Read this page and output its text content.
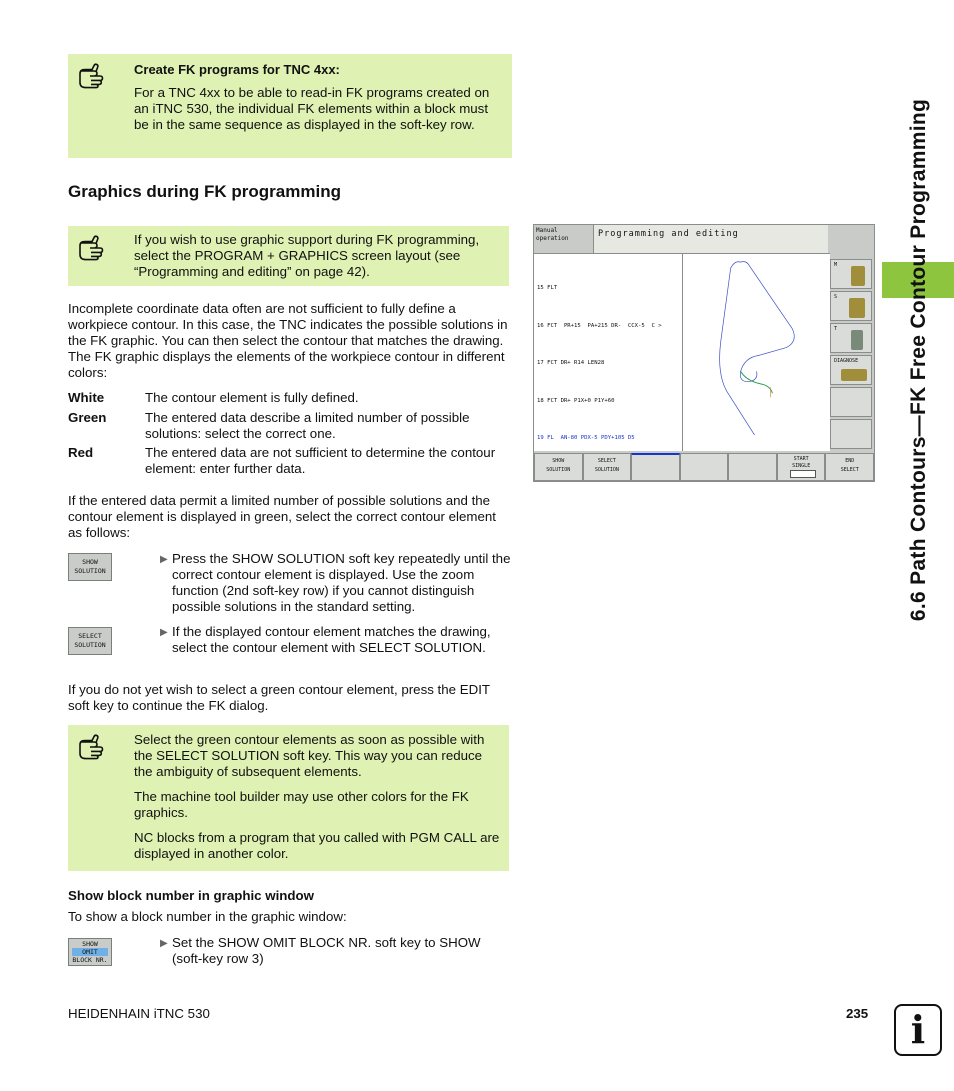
Create FK programs for TNC 4xx:

For a TNC 4xx to be able to read-in FK programs created on an iTNC 530, the individual FK elements within a block must be in the same sequence as displayed in the soft-key row.

Graphics during FK programming

If you wish to use graphic support during FK programming, select the PROGRAM + GRAPHICS screen layout (see “Programming and editing” on page 42).

Incomplete coordinate data often are not sufficient to fully define a workpiece contour. In this case, the TNC indicates the possible solutions in the FK graphic. You can then select the contour that matches the drawing. The FK graphic displays the elements of the workpiece contour in different colors:
White	The contour element is fully defined.
Green	The entered data describe a limited number of possible solutions: select the correct one.
Red	The entered data are not sufficient to determine the contour element: enter further data.
If the entered data permit a limited number of possible solutions and the contour element is displayed in green, select the correct contour element as follows:
SHOW
SOLUTION
▶ Press the SHOW SOLUTION soft key repeatedly until the correct contour element is displayed. Use the zoom function (2nd soft-key row) if you cannot distinguish possible solutions in the standard setting.
SELECT
SOLUTION
▶ If the displayed contour element matches the drawing, select the contour element with SELECT SOLUTION.
If you do not yet wish to select a green contour element, press the EDIT soft key to continue the FK dialog.

Select the green contour elements as soon as possible with the SELECT SOLUTION soft key. This way you can reduce the ambiguity of subsequent elements.

The machine tool builder may use other colors for the FK graphics.

NC blocks from a program that you called with PGM CALL are displayed in another color.

Show block number in graphic window
To show a block number in the graphic window:
SHOW
OMIT
BLOCK NR.
▶ Set the SHOW OMIT BLOCK NR. soft key to SHOW (soft-key row 3)
Manual
operation	Programming and editing

15 FLT

16 FCT  PR+15  PA+215 DR-  CCX-5  C >

17 FCT DR+ R14 LEN28

18 FCT DR+ P1X+0 P1Y+60

19 FL  AN-80 PDX-5 PDY+105 D5

M
S
T
DIAGNOSE
SHOW
SOLUTION
SELECT
SOLUTION
START
SINGLE
END
SELECT	6.6 Path Contours—FK Free Contour Programming
HEIDENHAIN iTNC 530	235	i
